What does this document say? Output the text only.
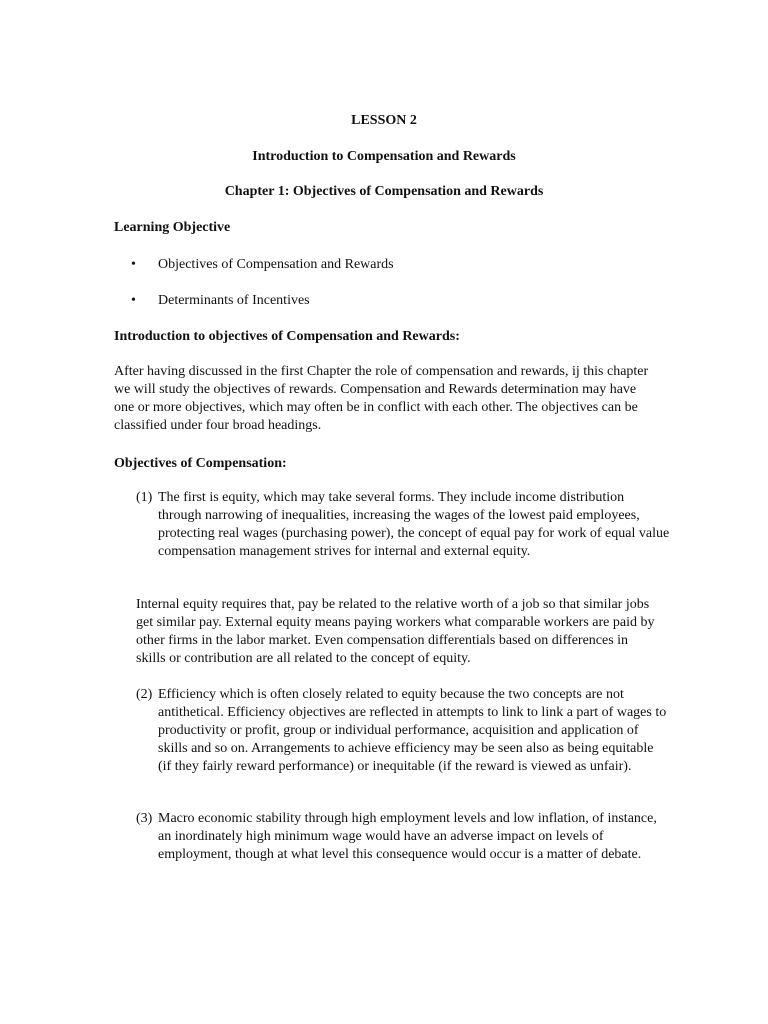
LESSON 2

Introduction to Compensation and Rewards

Chapter 1: Objectives of Compensation and Rewards

Learning Objective

• Objectives of Compensation and Rewards
• Determinants of Incentives

Introduction to objectives of Compensation and Rewards:

After having discussed in the first Chapter the role of compensation and rewards, ij this chapter we will study the objectives of rewards. Compensation and Rewards determination may have one or more objectives, which may often be in conflict with each other. The objectives can be classified under four broad headings.

Objectives of Compensation:

(1) The first is equity, which may take several forms. They include income distribution through narrowing of inequalities, increasing the wages of the lowest paid employees, protecting real wages (purchasing power), the concept of equal pay for work of equal value compensation management strives for internal and external equity.

Internal equity requires that, pay be related to the relative worth of a job so that similar jobs get similar pay. External equity means paying workers what comparable workers are paid by other firms in the labor market. Even compensation differentials based on differences in skills or contribution are all related to the concept of equity.

(2) Efficiency which is often closely related to equity because the two concepts are not antithetical. Efficiency objectives are reflected in attempts to link to link a part of wages to productivity or profit, group or individual performance, acquisition and application of skills and so on. Arrangements to achieve efficiency may be seen also as being equitable (if they fairly reward performance) or inequitable (if the reward is viewed as unfair).
(3) Macro economic stability through high employment levels and low inflation, of instance, an inordinately high minimum wage would have an adverse impact on levels of employment, though at what level this consequence would occur is a matter of debate.
